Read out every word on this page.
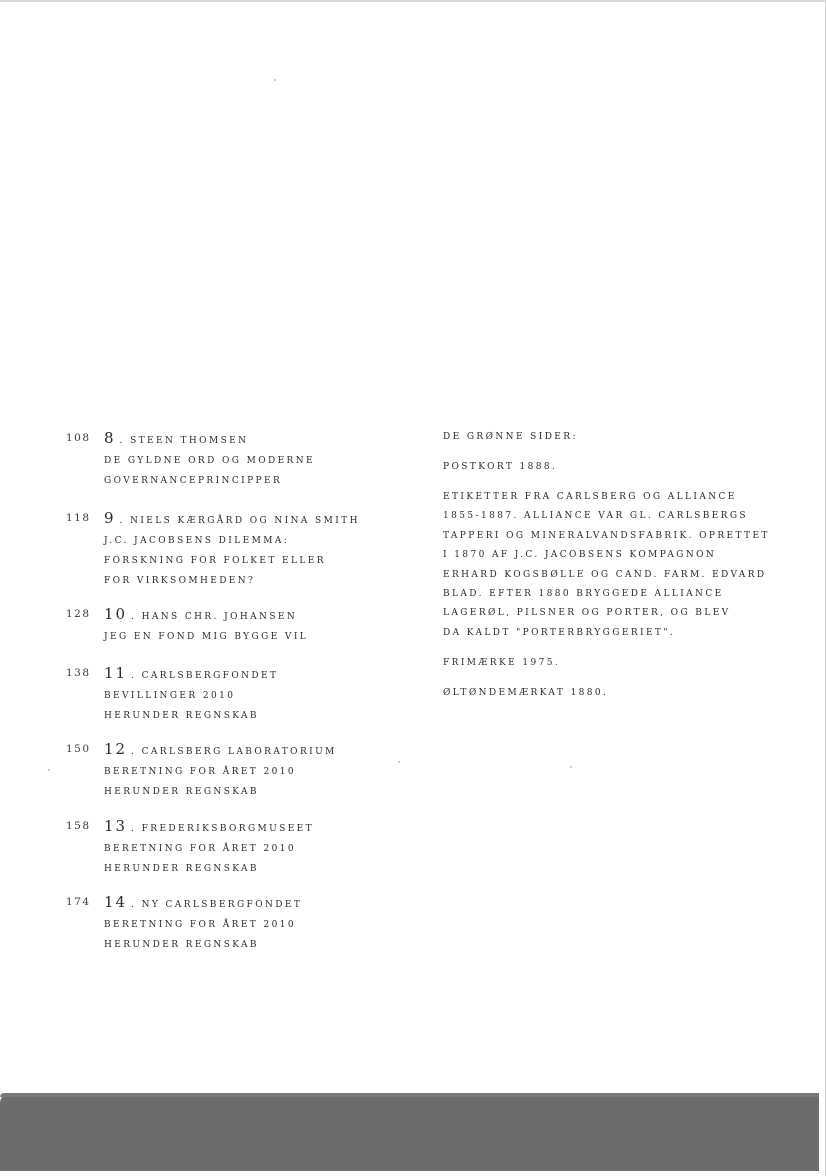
108 8 . STEEN THOMSEN
DE GYLDNE ORD OG MODERNE
GOVERNANCEPRINCIPPER
118 9 . NIELS KÆRGÅRD OG NINA SMITH
J.C. JACOBSENS DILEMMA:
FORSKNING FOR FOLKET ELLER
FOR VIRKSOMHEDEN?
128 10 . HANS CHR. JOHANSEN
JEG EN FOND MIG BYGGE VIL
138 11 . CARLSBERGFONDET
BEVILLINGER 2010
HERUNDER REGNSKAB
150 12 . CARLSBERG LABORATORIUM
BERETNING FOR ÅRET 2010
HERUNDER REGNSKAB
158 13 . FREDERIKSBORGMUSEET
BERETNING FOR ÅRET 2010
HERUNDER REGNSKAB
174 14 . NY CARLSBERGFONDET
BERETNING FOR ÅRET 2010
HERUNDER REGNSKAB
DE GRØNNE SIDER:
POSTKORT 1888.
ETIKETTER FRA CARLSBERG OG ALLIANCE
1855-1887. ALLIANCE VAR GL. CARLSBERGS
TAPPERI OG MINERALVANDSFABRIK. OPRETTET
I 1870 AF J.C. JACOBSENS KOMPAGNON
ERHARD KOGSBØLLE OG CAND. FARM. EDVARD
BLAD. EFTER 1880 BRYGGEDE ALLIANCE
LAGERØL, PILSNER OG PORTER, OG BLEV
DA KALDT "PORTERBRYGGERIET".
FRIMÆRKE 1975.
ØLTØNDEMÆRKAT 1880.
